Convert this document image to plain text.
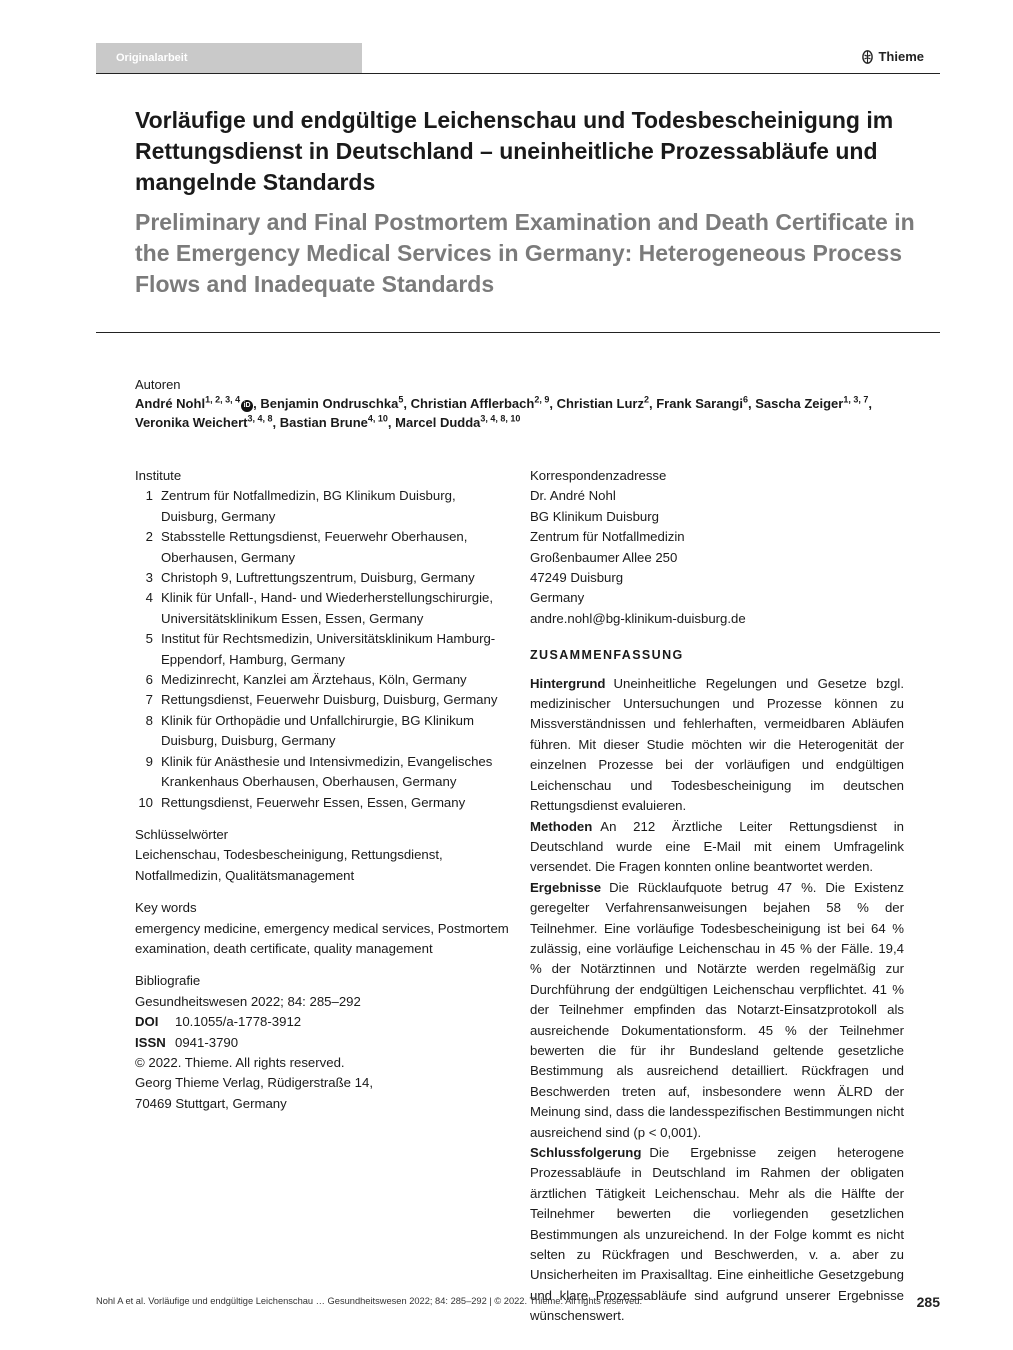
Originalarbeit	Thieme
Vorläufige und endgültige Leichenschau und Todesbescheinigung im Rettungsdienst in Deutschland – uneinheitliche Prozessabläufe und mangelnde Standards
Preliminary and Final Postmortem Examination and Death Certificate in the Emergency Medical Services in Germany: Heterogeneous Process Flows and Inadequate Standards
Autoren
André Nohl$^{1, 2, 3, 4}$iD , Benjamin Ondruschka$^5$, Christian Afflerbach$^{2, 9}$, Christian Lurz$^2$, Frank Sarangi$^6$, Sascha Zeiger$^{1, 3, 7}$,
Veronika Weichert$^{3, 4, 8}$, Bastian Brune$^{4, 10}$, Marcel Dudda$^{3, 4, 8, 10}$
Institute
1 Zentrum für Notfallmedizin, BG Klinikum Duisburg, Duisburg, Germany
2 Stabsstelle Rettungsdienst, Feuerwehr Oberhausen, Oberhausen, Germany
3 Christoph 9, Luftrettungszentrum, Duisburg, Germany
4 Klinik für Unfall-, Hand- und Wiederherstellungschirurgie, Universitätsklinikum Essen, Essen, Germany
5 Institut für Rechtsmedizin, Universitätsklinikum Hamburg-Eppendorf, Hamburg, Germany
6 Medizinrecht, Kanzlei am Ärztehaus, Köln, Germany
7 Rettungsdienst, Feuerwehr Duisburg, Duisburg, Germany
8 Klinik für Orthopädie und Unfallchirurgie, BG Klinikum Duisburg, Duisburg, Germany
9 Klinik für Anästhesie und Intensivmedizin, Evangelisches Krankenhaus Oberhausen, Oberhausen, Germany
10 Rettungsdienst, Feuerwehr Essen, Essen, Germany
Schlüsselwörter
Leichenschau, Todesbescheinigung, Rettungsdienst, Notfallmedizin, Qualitätsmanagement
Key words
emergency medicine, emergency medical services, Postmortem examination, death certificate, quality management
Bibliografie
Gesundheitswesen 2022; 84: 285–292
DOI 10.1055/a-1778-3912
ISSN 0941-3790
© 2022. Thieme. All rights reserved.
Georg Thieme Verlag, Rüdigerstraße 14,
70469 Stuttgart, Germany
Korrespondenzadresse
Dr. André Nohl
BG Klinikum Duisburg
Zentrum für Notfallmedizin
Großenbaumer Allee 250
47249 Duisburg
Germany
andre.nohl@bg-klinikum-duisburg.de
ZUSAMMENFASSUNG

Hintergrund Uneinheitliche Regelungen und Gesetze bzgl. medizinischer Untersuchungen und Prozesse können zu Missverständnissen und fehlerhaften, vermeidbaren Abläufen führen. Mit dieser Studie möchten wir die Heterogenität der einzelnen Prozesse bei der vorläufigen und endgültigen Leichenschau und Todesbescheinigung im deutschen Rettungsdienst evaluieren.

Methoden An 212 Ärztliche Leiter Rettungsdienst in Deutschland wurde eine E-Mail mit einem Umfragelink versendet. Die Fragen konnten online beantwortet werden.

Ergebnisse Die Rücklaufquote betrug 47 %. Die Existenz geregelter Verfahrensanweisungen bejahen 58 % der Teilnehmer. Eine vorläufige Todesbescheinigung ist bei 64 % zulässig, eine vorläufige Leichenschau in 45 % der Fälle. 19,4 % der Notärztinnen und Notärzte werden regelmäßig zur Durchführung der endgültigen Leichenschau verpflichtet. 41 % der Teilnehmer empfinden das Notarzt-Einsatzprotokoll als ausreichende Dokumentationsform. 45 % der Teilnehmer bewerten die für ihr Bundesland geltende gesetzliche Bestimmung als ausreichend detailliert. Rückfragen und Beschwerden treten auf, insbesondere wenn ÄLRD der Meinung sind, dass die landesspezifischen Bestimmungen nicht ausreichend sind (p < 0,001).

Schlussfolgerung Die Ergebnisse zeigen heterogene Prozessabläufe in Deutschland im Rahmen der obligaten ärztlichen Tätigkeit Leichenschau. Mehr als die Hälfte der Teilnehmer bewerten die vorliegenden gesetzlichen Bestimmungen als unzureichend. In der Folge kommt es nicht selten zu Rückfragen und Beschwerden, v. a. aber zu Unsicherheiten im Praxisalltag. Eine einheitliche Gesetzgebung und klare Prozessabläufe sind aufgrund unserer Ergebnisse wünschenswert.

Nohl A et al. Vorläufige und endgültige Leichenschau … Gesundheitswesen 2022; 84: 285–292 | © 2022. Thieme. All rights reserved.	285
